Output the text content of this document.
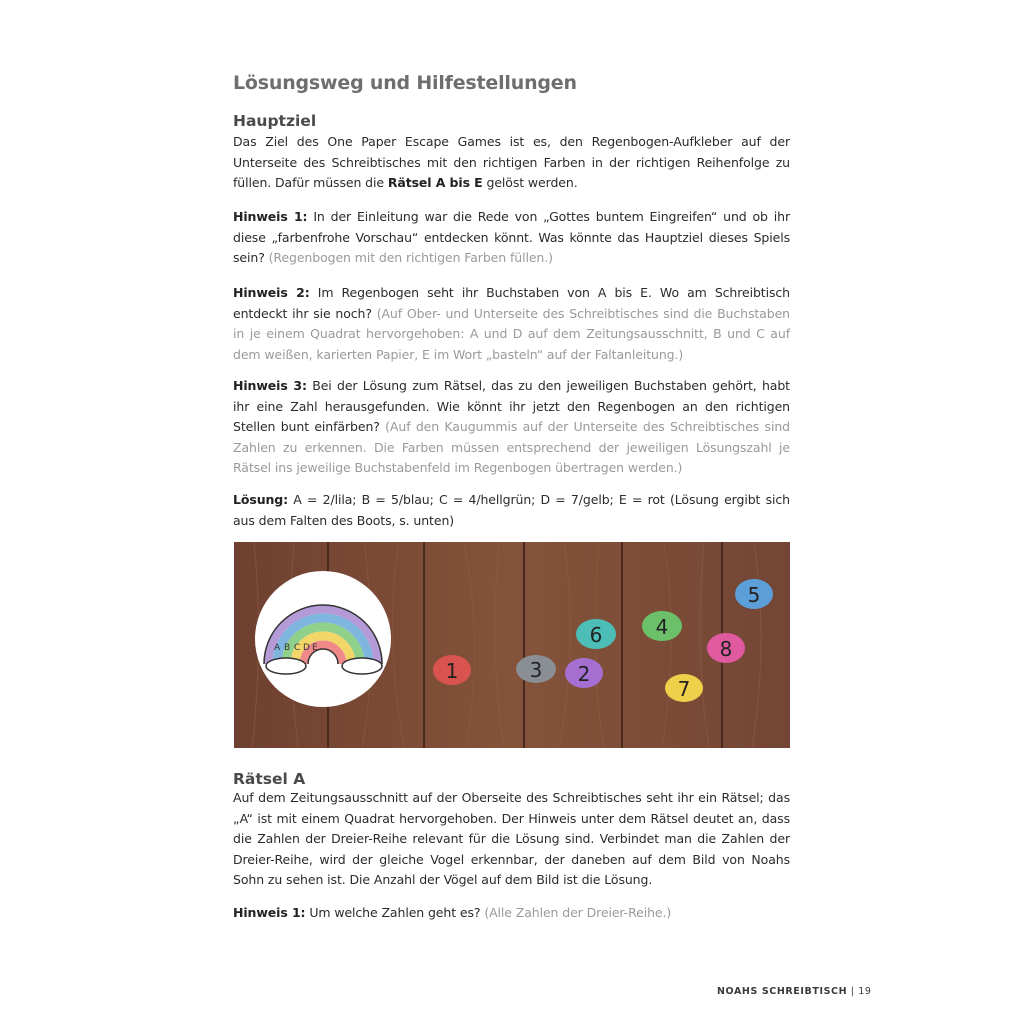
Lösungsweg und Hilfestellungen
Hauptziel
Das Ziel des One Paper Escape Games ist es, den Regenbogen-Aufkleber auf der Unterseite des Schreibtisches mit den richtigen Farben in der richtigen Reihenfolge zu füllen. Dafür müssen die Rätsel A bis E gelöst werden.
Hinweis 1: In der Einleitung war die Rede von „Gottes buntem Eingreifen“ und ob ihr diese „farbenfrohe Vorschau“ entdecken könnt. Was könnte das Hauptziel dieses Spiels sein? (Regenbogen mit den richtigen Farben füllen.)
Hinweis 2: Im Regenbogen seht ihr Buchstaben von A bis E. Wo am Schreibtisch entdeckt ihr sie noch? (Auf Ober- und Unterseite des Schreibtisches sind die Buchstaben in je einem Quadrat hervorgehoben: A und D auf dem Zeitungsausschnitt, B und C auf dem weißen, karierten Papier, E im Wort „basteln“ auf der Faltanleitung.)
Hinweis 3: Bei der Lösung zum Rätsel, das zu den jeweiligen Buchstaben gehört, habt ihr eine Zahl herausgefunden. Wie könnt ihr jetzt den Regenbogen an den richtigen Stellen bunt einfärben? (Auf den Kaugummis auf der Unterseite des Schreibtisches sind Zahlen zu erkennen. Die Farben müssen entsprechend der jeweiligen Lösungszahl je Rätsel ins jeweilige Buchstabenfeld im Regenbogen übertragen werden.)
Lösung: A = 2/lila; B = 5/blau; C = 4/hellgrün; D = 7/gelb; E = rot (Lösung ergibt sich aus dem Falten des Boots, s. unten)
A B C D E
1	3 2
6	4
8
7
5
Rätsel A
Auf dem Zeitungsausschnitt auf der Oberseite des Schreibtisches seht ihr ein Rätsel; das „A“ ist mit einem Quadrat hervorgehoben. Der Hinweis unter dem Rätsel deutet an, dass die Zahlen der Dreier-Reihe relevant für die Lösung sind. Verbindet man die Zahlen der Dreier-Reihe, wird der gleiche Vogel erkennbar, der daneben auf dem Bild von Noahs Sohn zu sehen ist. Die Anzahl der Vögel auf dem Bild ist die Lösung.
Hinweis 1: Um welche Zahlen geht es? (Alle Zahlen der Dreier-Reihe.)
NOAHS SCHREIBTISCH | 19
